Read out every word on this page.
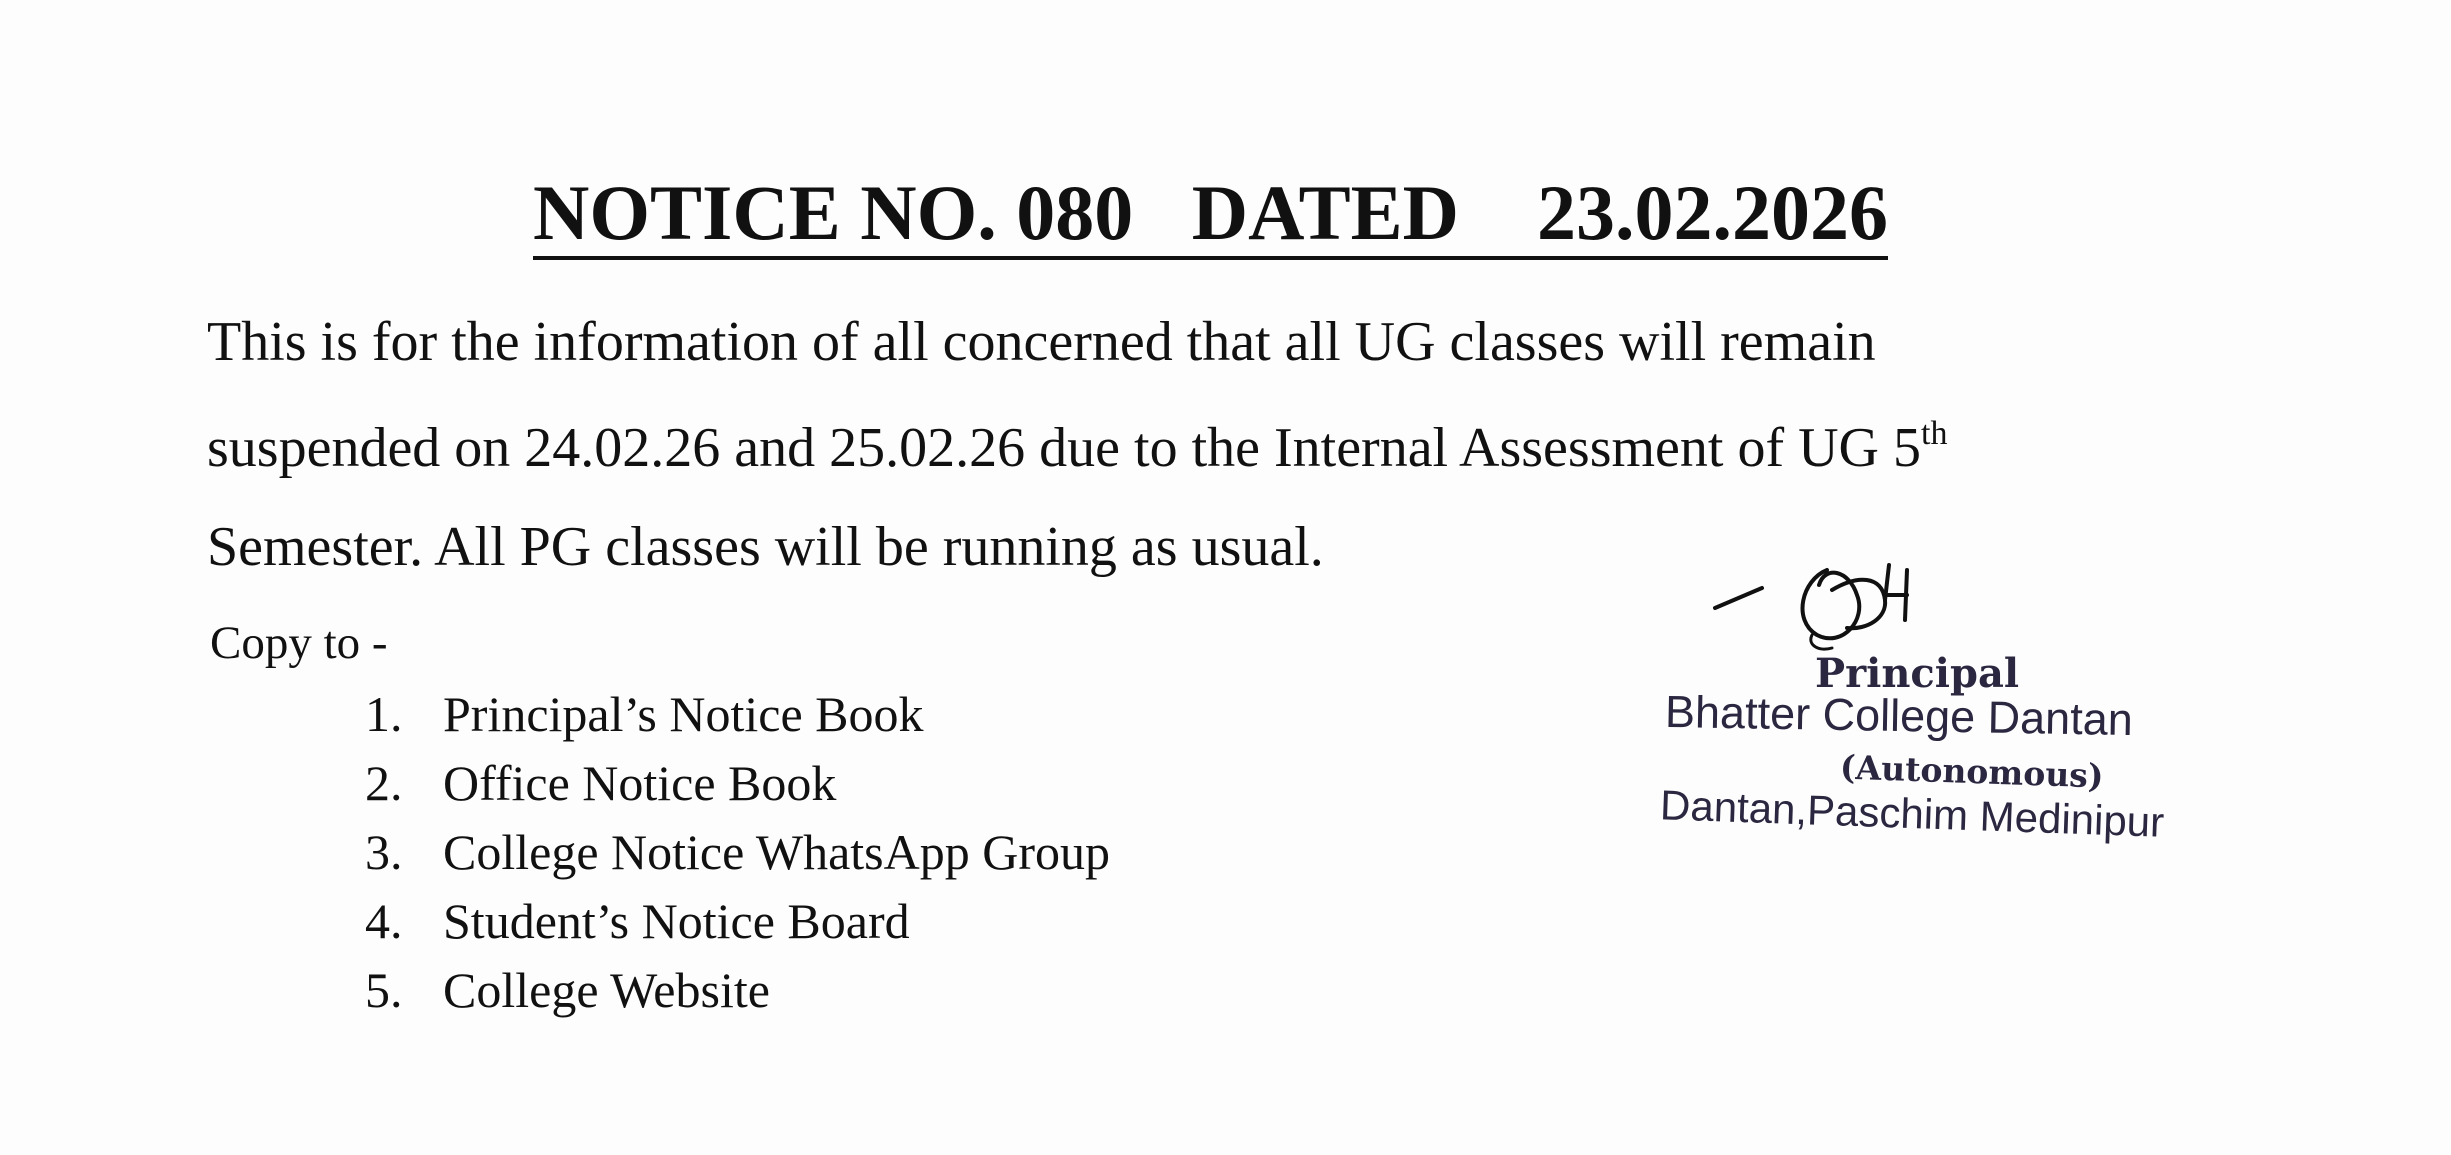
NOTICE NO. 080 DATED 23.02.2026
This is for the information of all concerned that all UG classes will remain
suspended on 24.02.26 and 25.02.26 due to the Internal Assessment of UG 5th
Semester. All PG classes will be running as usual.
Copy to -
1. Principal’s Notice Book
2. Office Notice Book
3. College Notice WhatsApp Group
4. Student’s Notice Board
5. College Website
Principal
Bhatter College Dantan
(Autonomous)
Dantan,Paschim Medinipur
